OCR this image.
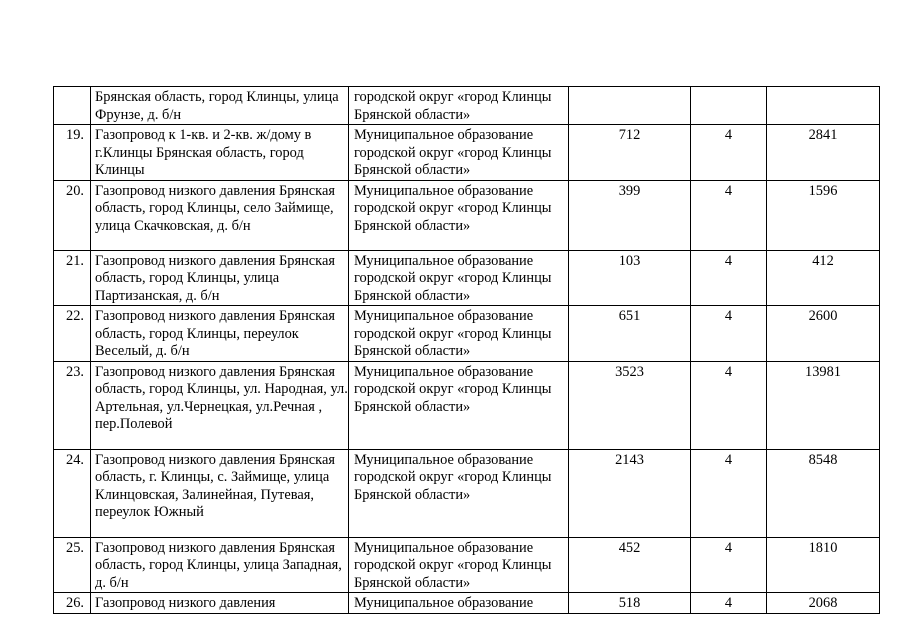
	Брянская область, город Клинцы, улица Фрунзе, д. б/н	городской округ «город Клинцы Брянской области»			
19.	Газопровод к 1-кв. и 2-кв. ж/дому в г.Клинцы Брянская область, город Клинцы	Муниципальное образование городской округ «город Клинцы Брянской области»	712	4	2841
20.	Газопровод низкого давления Брянская область, город Клинцы, село Займище, улица Скачковская, д. б/н	Муниципальное образование городской округ «город Клинцы Брянской области»	399	4	1596
21.	Газопровод низкого давления Брянская область, город Клинцы, улица Партизанская, д. б/н	Муниципальное образование городской округ «город Клинцы Брянской области»	103	4	412
22.	Газопровод низкого давления Брянская область, город Клинцы, переулок Веселый, д. б/н	Муниципальное образование городской округ «город Клинцы Брянской области»	651	4	2600
23.	Газопровод низкого давления Брянская область, город Клинцы, ул. Народная, ул. Артельная, ул.Чернецкая, ул.Речная , пер.Полевой	Муниципальное образование городской округ «город Клинцы Брянской области»	3523	4	13981
24.	Газопровод низкого давления Брянская область, г. Клинцы, с. Займище, улица Клинцовская, Залинейная, Путевая, переулок Южный	Муниципальное образование городской округ «город Клинцы Брянской области»	2143	4	8548
25.	Газопровод низкого давления Брянская область, город Клинцы, улица Западная, д. б/н	Муниципальное образование городской округ «город Клинцы Брянской области»	452	4	1810
26.	Газопровод низкого давления	Муниципальное образование	518	4	2068
